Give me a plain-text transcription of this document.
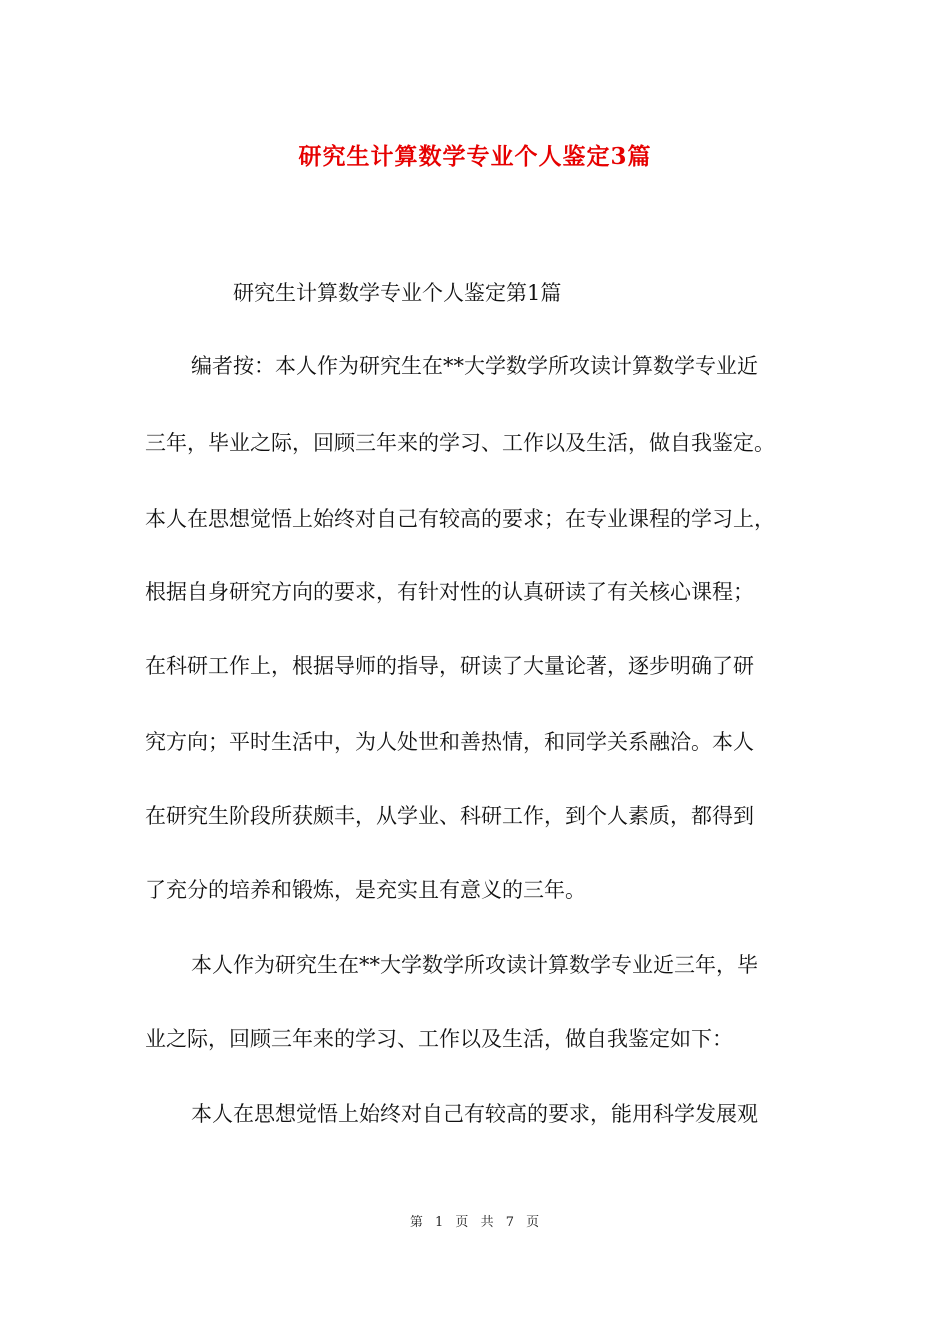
研究生计算数学专业个人鉴定3篇
研究生计算数学专业个人鉴定第1篇
编者按：本人作为研究生在**大学数学所攻读计算数学专业近
三年，毕业之际，回顾三年来的学习、工作以及生活，做自我鉴定。
本人在思想觉悟上始终对自己有较高的要求；在专业课程的学习上，
根据自身研究方向的要求，有针对性的认真研读了有关核心课程；
在科研工作上，根据导师的指导，研读了大量论著，逐步明确了研
究方向；平时生活中，为人处世和善热情，和同学关系融洽。本人
在研究生阶段所获颇丰，从学业、科研工作，到个人素质，都得到
了充分的培养和锻炼，是充实且有意义的三年。
本人作为研究生在**大学数学所攻读计算数学专业近三年，毕
业之际，回顾三年来的学习、工作以及生活，做自我鉴定如下：
本人在思想觉悟上始终对自己有较高的要求，能用科学发展观
第 1 页 共 7 页
